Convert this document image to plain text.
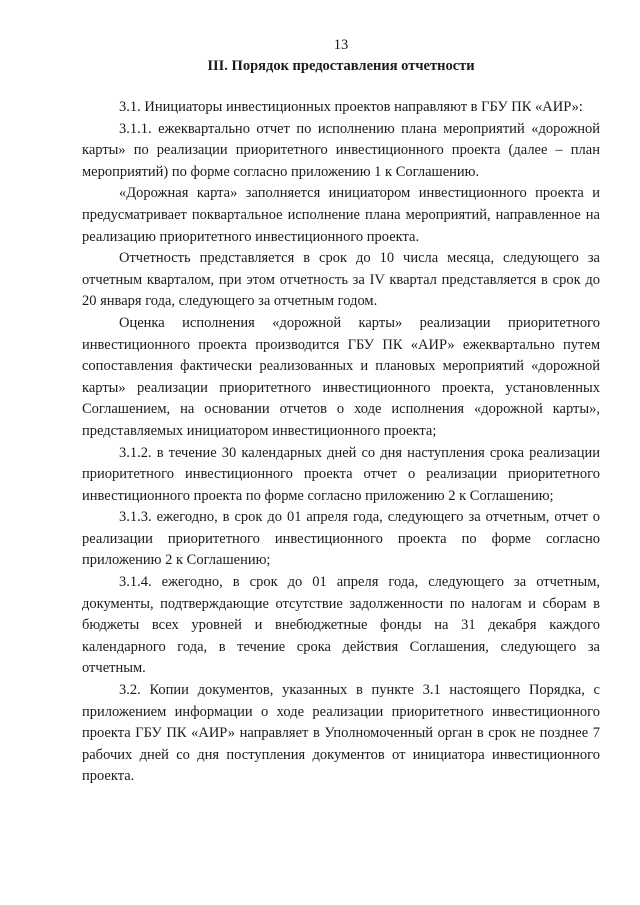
13
III. Порядок предоставления отчетности

3.1. Инициаторы инвестиционных проектов направляют в ГБУ ПК «АИР»:

3.1.1. ежеквартально отчет по исполнению плана мероприятий «дорожной карты» по реализации приоритетного инвестиционного проекта (далее – план мероприятий) по форме согласно приложению 1 к Соглашению.

«Дорожная карта» заполняется инициатором инвестиционного проекта и предусматривает поквартальное исполнение плана мероприятий, направленное на реализацию приоритетного инвестиционного проекта.

Отчетность представляется в срок до 10 числа месяца, следующего за отчетным кварталом, при этом отчетность за IV квартал представляется в срок до 20 января года, следующего за отчетным годом.

Оценка исполнения «дорожной карты» реализации приоритетного инвестиционного проекта производится ГБУ ПК «АИР» ежеквартально путем сопоставления фактически реализованных и плановых мероприятий «дорожной карты» реализации приоритетного инвестиционного проекта, установленных Соглашением, на основании отчетов о ходе исполнения «дорожной карты», представляемых инициатором инвестиционного проекта;

3.1.2. в течение 30 календарных дней со дня наступления срока реализации приоритетного инвестиционного проекта отчет о реализации приоритетного инвестиционного проекта по форме согласно приложению 2 к Соглашению;

3.1.3. ежегодно, в срок до 01 апреля года, следующего за отчетным, отчет о реализации приоритетного инвестиционного проекта по форме согласно приложению 2 к Соглашению;

3.1.4. ежегодно, в срок до 01 апреля года, следующего за отчетным, документы, подтверждающие отсутствие задолженности по налогам и сборам в бюджеты всех уровней и внебюджетные фонды на 31 декабря каждого календарного года, в течение срока действия Соглашения, следующего за отчетным.

3.2. Копии документов, указанных в пункте 3.1 настоящего Порядка, с приложением информации о ходе реализации приоритетного инвестиционного проекта ГБУ ПК «АИР» направляет в Уполномоченный орган в срок не позднее 7 рабочих дней со дня поступления документов от инициатора инвестиционного проекта.
